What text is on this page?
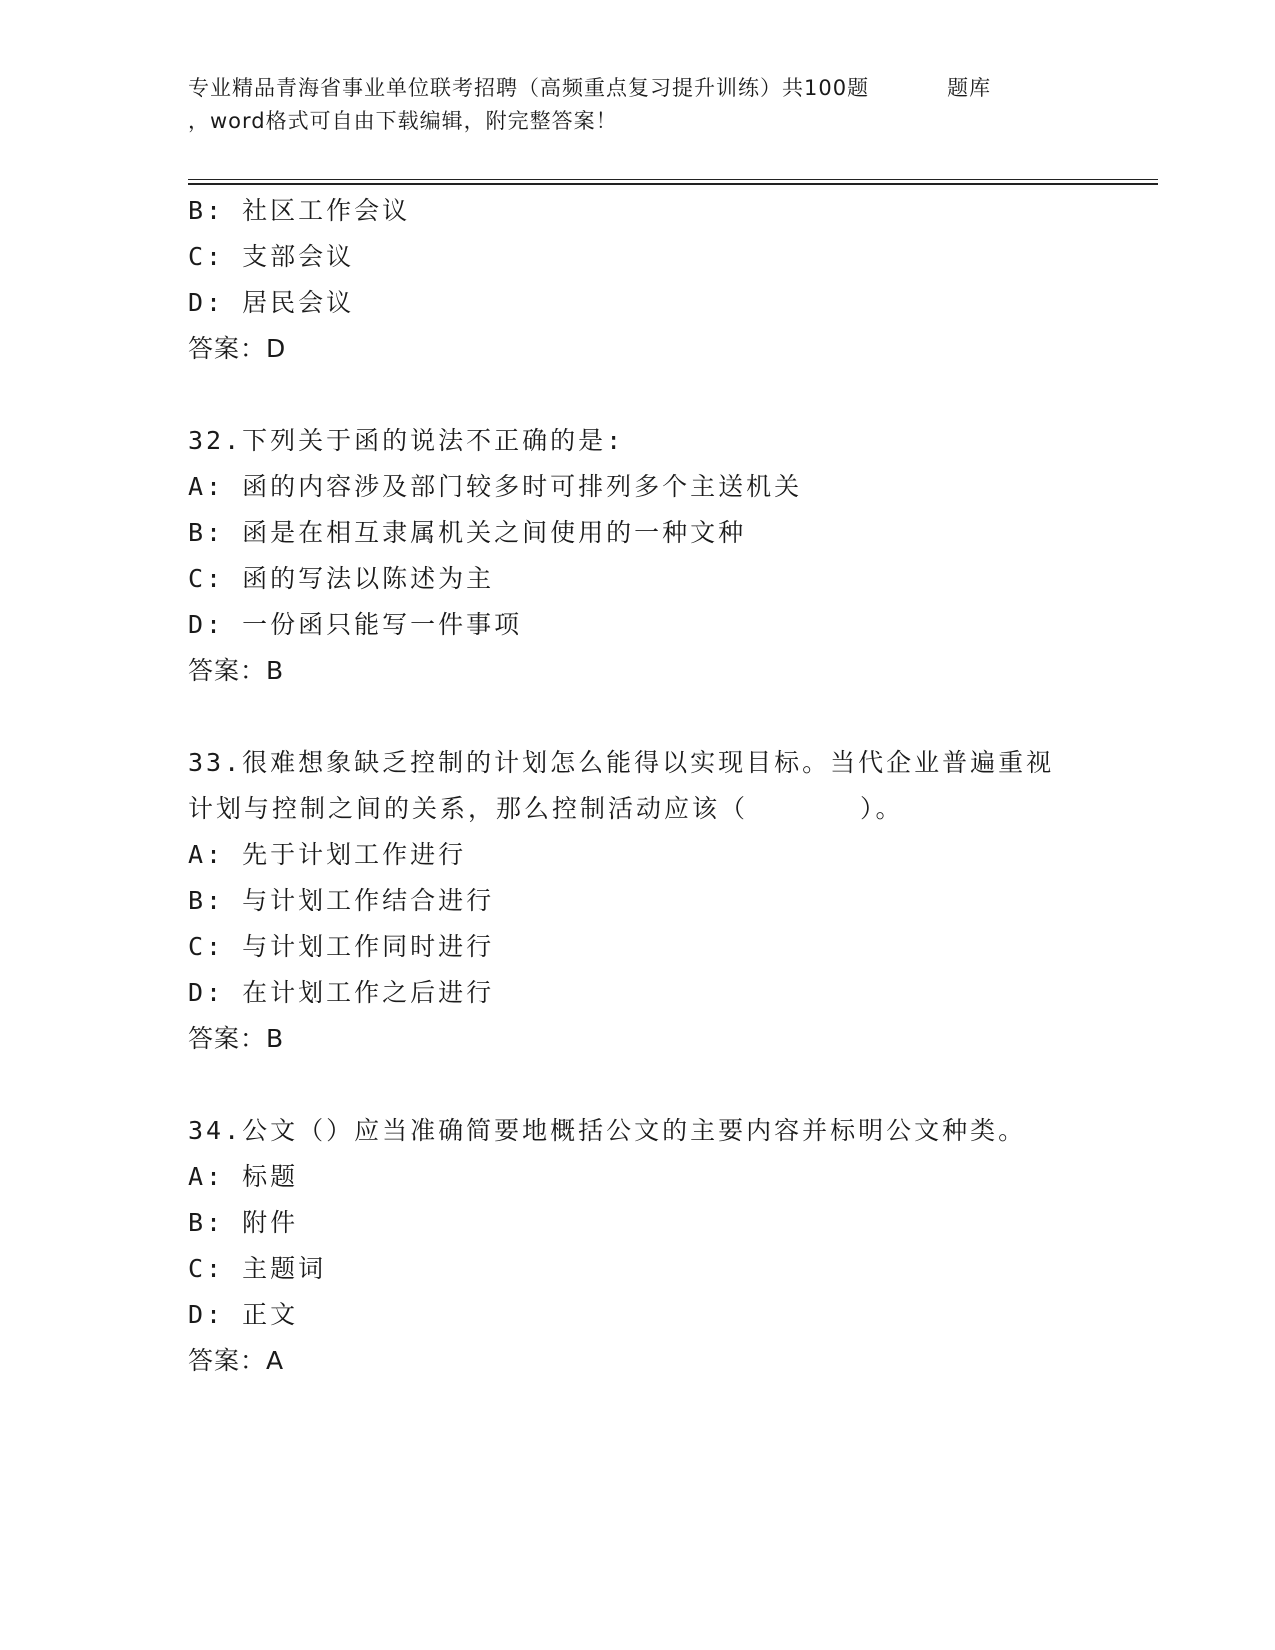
专业精品青海省事业单位联考招聘（高频重点复习提升训练）共100题	题库
，word格式可自由下载编辑，附完整答案！
B: 社区工作会议
C: 支部会议
D: 居民会议
答案：D
32.下列关于函的说法不正确的是:
A: 函的内容涉及部门较多时可排列多个主送机关
B: 函是在相互隶属机关之间使用的一种文种
C: 函的写法以陈述为主
D: 一份函只能写一件事项
答案：B
33.很难想象缺乏控制的计划怎么能得以实现目标。当代企业普遍重视
计划与控制之间的关系，那么控制活动应该（　　　　）。
A: 先于计划工作进行
B: 与计划工作结合进行
C: 与计划工作同时进行
D: 在计划工作之后进行
答案：B
34.公文（）应当准确简要地概括公文的主要内容并标明公文种类。
A: 标题
B: 附件
C: 主题词
D: 正文
答案：A
